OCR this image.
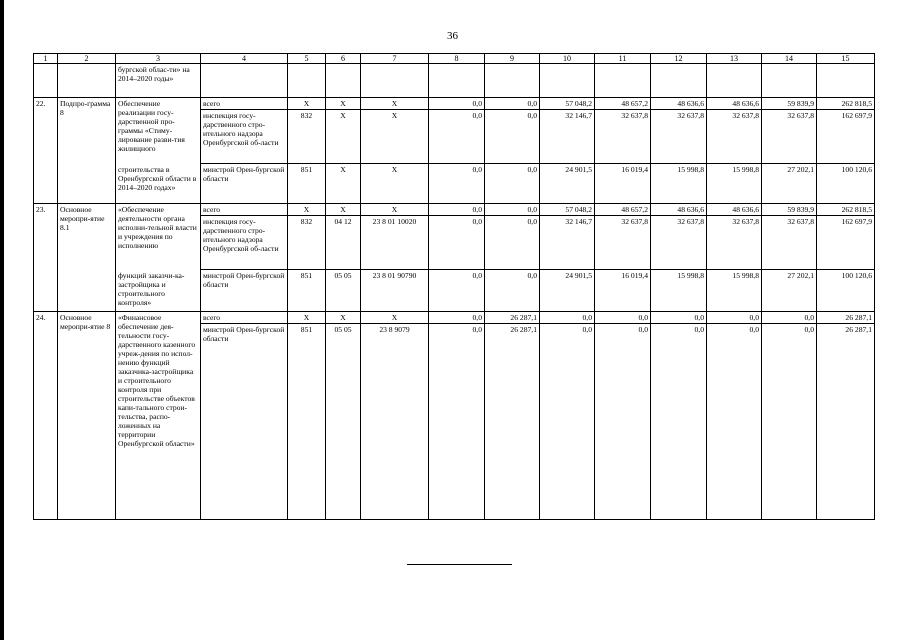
36
1	2	3	4	5	6	7	8	9	10	11	12	13	14	15
		бургской облас-ти» на 2014–2020 годы»												
22.	Подпро-грамма 8	Обеспечение реализации госу-дарственной про-граммы «Стиму-лирование разви-тия жилищного	всего	Х	Х	Х	0,0	0,0	57 048,2	48 657,2	48 636,6	48 636,6	59 839,9	262 818,5
			инспекция госу-дарственного стро-ительного надзора Оренбургской об-ласти	832	Х	Х	0,0	0,0	32 146,7	32 637,8	32 637,8	32 637,8	32 637,8	162 697,9
		строительства в Оренбургской области в 2014–2020 годах»	минстрой Орен-бургской области	851	Х	Х	0,0	0,0	24 901,5	16 019,4	15 998,8	15 998,8	27 202,1	100 120,6
23.	Основное меропри-ятие 8.1	«Обеспечение деятельности органа исполни-тельной власти и учреждения по исполнению	всего	Х	Х	Х	0,0	0,0	57 048,2	48 657,2	48 636,6	48 636,6	59 839,9	262 818,5
			инспекция госу-дарственного стро-ительного надзора Оренбургской об-ласти	832	04 12	23 8 01 10020	0,0	0,0	32 146,7	32 637,8	32 637,8	32 637,8	32 637,8	162 697,9
		функций заказчи-ка-застройщика и строительного контроля»	минстрой Орен-бургской области	851	05 05	23 8 01 90790	0,0	0,0	24 901,5	16 019,4	15 998,8	15 998,8	27 202,1	100 120,6
24.	Основное меропри-ятие 8	«Финансовое обеспечение дея-тельности госу-дарственного казенного учреж-дения по испол-нению функций заказчика-застройщика и строительного контроля при строительстве объектов капи-тального строи-тельства, распо-ложенных на территории Оренбургской области»	всего	Х	Х	Х	0,0	26 287,1	0,0	0,0	0,0	0,0	0,0	26 287,1
			минстрой Орен-бургской области	851	05 05	23 8 9079	0,0	26 287,1	0,0	0,0	0,0	0,0	0,0	26 287,1
